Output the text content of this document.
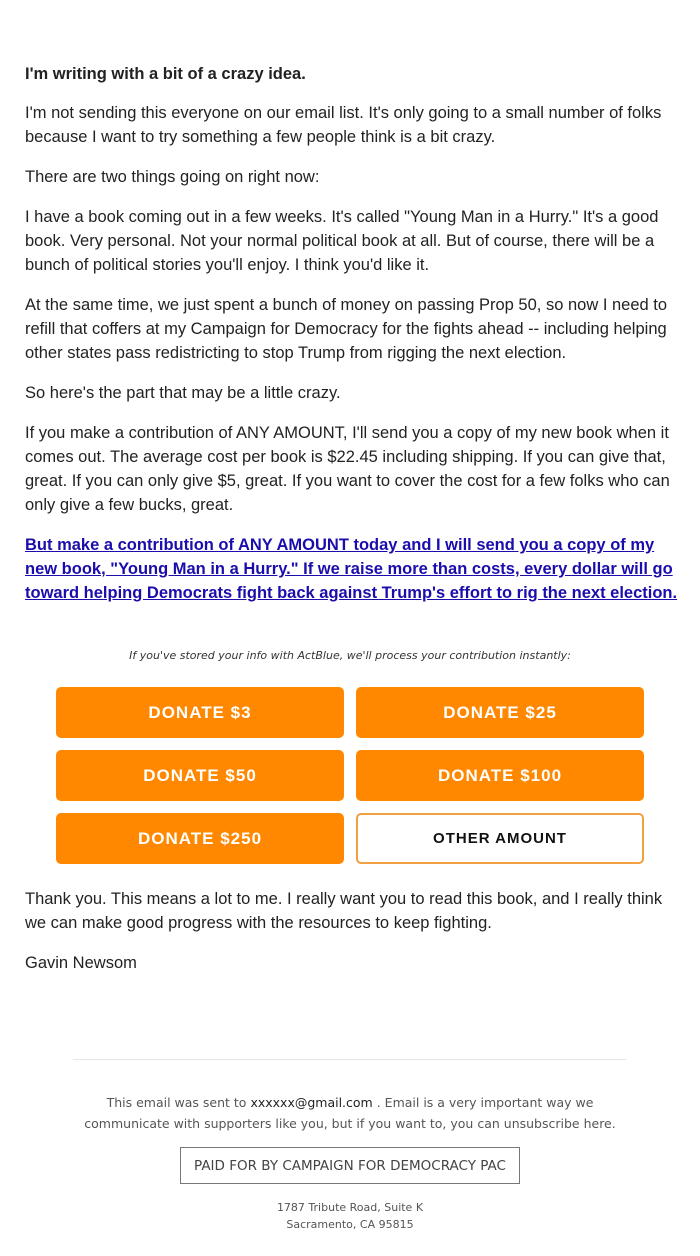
I'm writing with a bit of a crazy idea.

I'm not sending this everyone on our email list. It's only going to a small number of folks because I want to try something a few people think is a bit crazy.

There are two things going on right now:

I have a book coming out in a few weeks. It's called "Young Man in a Hurry." It's a good book. Very personal. Not your normal political book at all. But of course, there will be a bunch of political stories you'll enjoy. I think you'd like it.

At the same time, we just spent a bunch of money on passing Prop 50, so now I need to refill that coffers at my Campaign for Democracy for the fights ahead -- including helping other states pass redistricting to stop Trump from rigging the next election.

So here's the part that may be a little crazy.

If you make a contribution of ANY AMOUNT, I'll send you a copy of my new book when it comes out. The average cost per book is $22.45 including shipping. If you can give that, great. If you can only give $5, great. If you want to cover the cost for a few folks who can only give a few bucks, great.

But make a contribution of ANY AMOUNT today and I will send you a copy of my new book, "Young Man in a Hurry." If we raise more than costs, every dollar will go toward helping Democrats fight back against Trump's effort to rig the next election.
If you've stored your info with ActBlue, we'll process your contribution instantly:
DONATE $3	DONATE $25
DONATE $50	DONATE $100
DONATE $250	OTHER AMOUNT

Thank you. This means a lot to me. I really want you to read this book, and I really think we can make good progress with the resources to keep fighting.

Gavin Newsom

This email was sent to xxxxxx@gmail.com . Email is a very important way we communicate with supporters like you, but if you want to, you can unsubscribe here.
PAID FOR BY CAMPAIGN FOR DEMOCRACY PAC
1787 Tribute Road, Suite K
Sacramento, CA 95815
